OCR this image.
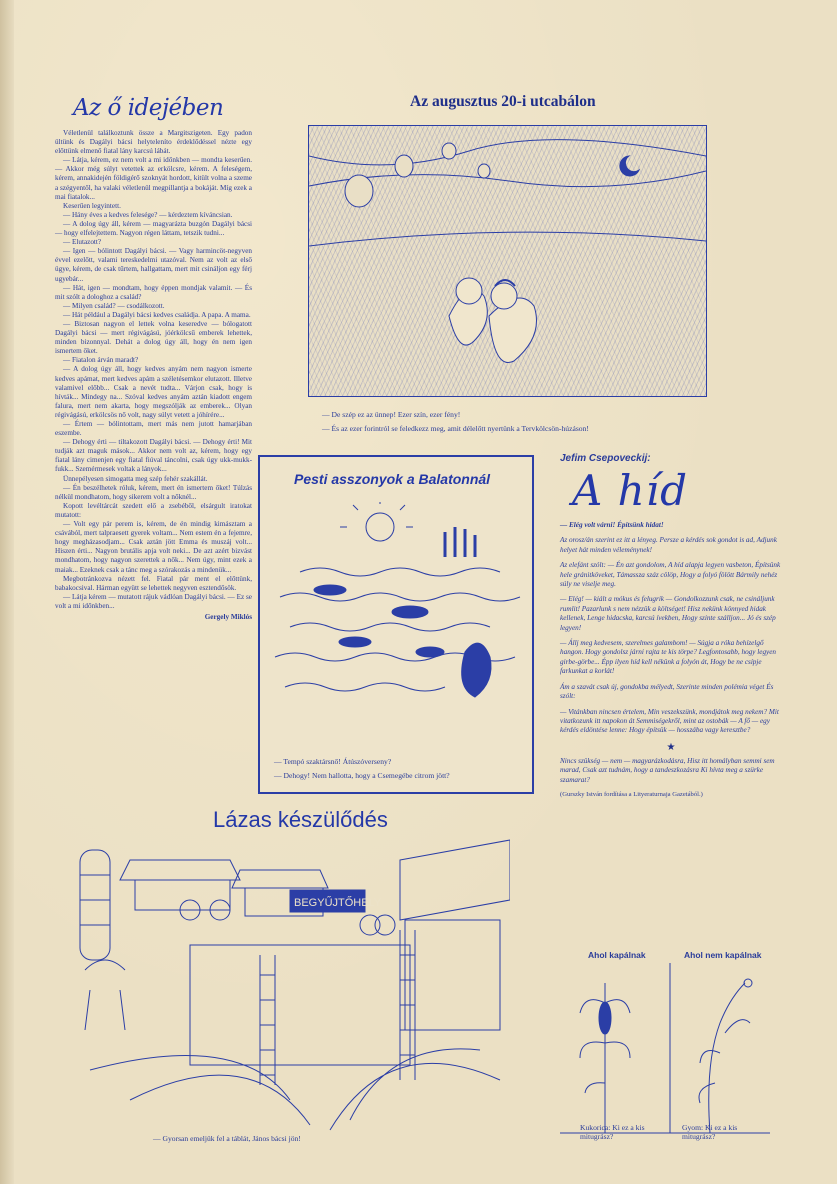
Az ő idejében

Véletlenül találkoztunk össze a Margitszigeten. Egy padon ültünk és Dagályi bácsi helyteleníto érdeklődéssel nézte egy előttünk elmenő fiatal lány karcsú lábát.

— Látja, kérem, ez nem volt a mi időnkben — mondta keserűen. — Akkor még súlyt vetettek az erkölcsre, kérem. A feleségem, kérem, annakidején földigérő szoknyát hordott, kitült volna a szeme a szégyentől, ha valaki véletlenül megpillantja a bokáját. Míg ezek a mai fiatalok...

Keserűen legyintett.

— Hány éves a kedves felesége? — kérdeztem kíváncsian.

— A dolog úgy áll, kérem — magyarázta buzgón Dagályi bácsi — hogy elfelejtettem. Nagyon régen láttam, tetszik tudni...

— Elutazott?

— Igen — bólintott Dagályi bácsi. — Vagy harmincöt-negyven évvel ezelőtt, valami tereskedelmi utazóval. Nem az volt az első ügye, kérem, de csak tűrtem, hallgattam, mert mit csinálјon egy férj ugyebár...

— Hát, igen — mondtam, hogy éppen mondjak valamit. — És mit szólt a dologhoz a család?

— Milyen család? — csodálkozott.

— Hát például a Dagályi bácsi kedves családja. A papa. A mama.

— Biztosan nagyon el lettek volna keseredve — bólogatott Dagályi bácsi — mert régivágású, jóérkölcsű emberek lehettek, minden bizonnyal. Dehát a dolog úgy áll, hogy én nem igen ismertem őket.

— Fiatalon árván maradt?

— A dolog úgy áll, hogy kedves anyám nem nagyon ismerte kedves apámat, mert kedves apám a széletésemkor elutazott. Illetve valamivel előbb... Csak a nevét tudta... Várjon csak, hogy is hívták... Mindegy na... Szóval kedves anyám aztán kiadott engem falura, mert nem akarta, hogy megszólják az emberek... Olyan régivágású, erkölcsös nő volt, nagy súlyt vetett a jóhírére...

— Értem — bólintottam, mert más nem jutott hamarjában eszembe.

— Dehogy érti — tiltakozott Dagályi bácsi. — Dehogy érti! Mit tudják azt maguk mások... Akkor nem volt az, kérem, hogy egy fiatal lány cimenjen egy fiatal fiúval táncolni, csak úgy ukk-mukk-fukk... Szemérmesek voltak a lányok...

Ünnepélyesen simogatta meg szép fehér szakállát.

— Én beszélhetek róluk, kérem, mert én ismertem őket! Túlzás nélkül mondhatom, hogy sikerem volt a nőknél...

Kopott levéltárcát szedett elő a zsebéből, elsárgult iratokat mutatott:

— Volt egy pár perem is, kérem, de én mindig kimásztam a csávából, mert talpraesett gyerek voltam... Nem estem én a fejemre, hogy megházasodjam... Csak aztán jött Emma és muszáj volt... Hiszen érti... Nagyon brutális apja volt neki... De azt azért bizvást mondhatom, hogy nagyon szerettek a nők... Nem úgy, mint ezek a maiak... Ezeknek csak a tánc meg a szórakozás a mindenük...

Megbotránkozva nézett fel. Fiatal pár ment el előttünk, babakocsival. Hárman együtt se lehettek negyven esztendősök.

— Látja kérem — mutatott rájuk vádlóan Dagályi bácsi. — Ez se volt a mi időnkben...

Gergely Miklós
Az augusztus 20-i utcabálon
— De szép ez az ünnep! Ezer szín, ezer fény!
— És az ezer forintról se feledkezz meg, amit délelőtt nyertünk a Tervkölcsön-húzáson!
Pesti asszonyok a Balatonnál
— Tempó szaktársnő! Átúszóverseny?
— Dehogy! Nem hallotta, hogy a Csemegébe citrom jött?
Jefim Csepoveckij:
A híd

— Elég volt várni! Építsünk hidat!

Az orosz/án szerint ez itt a lényeg. Persze a kérdés sok gondot is ad, Adjunk helyet hát minden véleménynek!

Az elefánt szólt: — Én azt gondolom, A híd alapja legyen vasbeton, Építsünk hele gránitköveket, Támassza száz cölöp, Hogy a folyó fölött Bármily nehéz súly ne viselje meg.

— Elég! — kiált a mókus és felugrik — Gondolkozzunk csak, ne csináljunk rumlit! Pazarlunk s nem nézzük a költséget! Hisz nekünk könnyed hidak kellenek, Lenge hidacska, karcsú ívekben, Hogy szinte szálljon... Jó és szép legyen!

— Állj meg kedvesem, szerelmes galambom! — Súgja a róka behízelgő hangon. Hogy gondolsz járni rajta te kis törpe? Legfontosabb, hogy legyen girbe-görbe... Épp ilyen híd kell nékünk a folyón át, Hogy be ne csípje farkunkat a korlát!

Ám a szavát csak új, gondokba mélyedt, Szerinte minden polémia véget És szólt:

— Vitánkban nincsen értelem, Min veszekszünk, mondjátok meg nekem? Mit vitatkozunk itt napokon át Semmiségekről, mint az ostobák — A fő — egy kérdés eldöntése lenne: Hogy építsük — hosszába vagy keresztbe?

★

Nincs szükség — nem — magyarázkodásra, Hisz itt homályban semmi sem marad, Csak azt tudnám, hogy a tandeszkozásra Ki hívta meg a szürke szamarat?

(Gurszky István fordítása a Lityeraturnaja Gazetából.)
Lázas készülődés
BEGYŰJTŐHELY
— Gyorsan emeljük fel a táblát, János bácsi jön!
Ahol kapálnak	Ahol nem kapálnak
Kukorica: Ki ez a kis mitugrász?
Gyom: Ki ez a kis mitugrász?
